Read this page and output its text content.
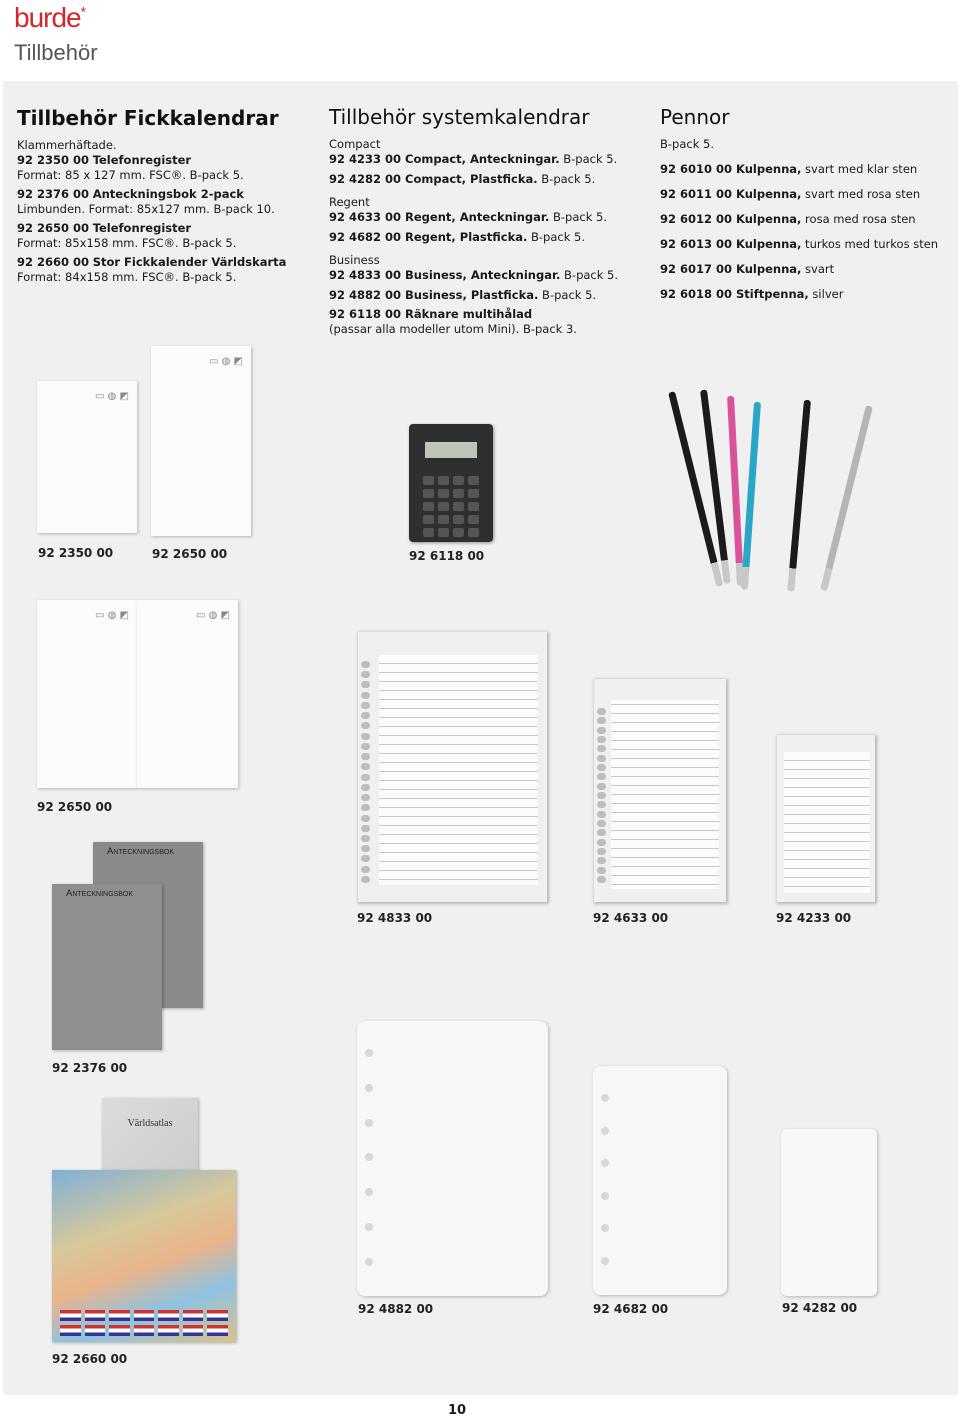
burde*
Tillbehör
Tillbehör Fickkalendrar

Klammerhäftade.

92 2350 00 Telefonregister

Format: 85 x 127 mm. FSC®. B-pack 5.

92 2376 00 Anteckningsbok 2-pack

Limbunden. Format: 85x127 mm. B-pack 10.

92 2650 00 Telefonregister

Format: 85x158 mm. FSC®. B-pack 5.

92 2660 00 Stor Fickkalender Världskarta

Format: 84x158 mm. FSC®. B-pack 5.

Tillbehör systemkalendrar

Compact

92 4233 00 Compact, Anteckningar. B-pack 5.

92 4282 00 Compact, Plastficka. B-pack 5.

Regent

92 4633 00 Regent, Anteckningar. B-pack 5.

92 4682 00 Regent, Plastficka. B-pack 5.

Business

92 4833 00 Business, Anteckningar. B-pack 5.

92 4882 00 Business, Plastficka. B-pack 5.

92 6118 00 Räknare multihålad

(passar alla modeller utom Mini). B-pack 3.

Pennor

B-pack 5.

92 6010 00 Kulpenna, svart med klar sten

92 6011 00 Kulpenna, svart med rosa sten

92 6012 00 Kulpenna, rosa med rosa sten

92 6013 00 Kulpenna, turkos med turkos sten

92 6017 00 Kulpenna, svart

92 6018 00 Stiftpenna, silver

▭ ◍ ◩
▭ ◍ ◩
92 2350 00	92 2650 00	92 6118 00
▭ ◍ ◩	▭ ◍ ◩
92 2650 00
92 4833 00	92 4633 00	92 4233 00
Anteckningsbok
Anteckningsbok
92 2376 00
92 4882 00	92 4682 00	92 4282 00
Världsatlas
92 2660 00
10
